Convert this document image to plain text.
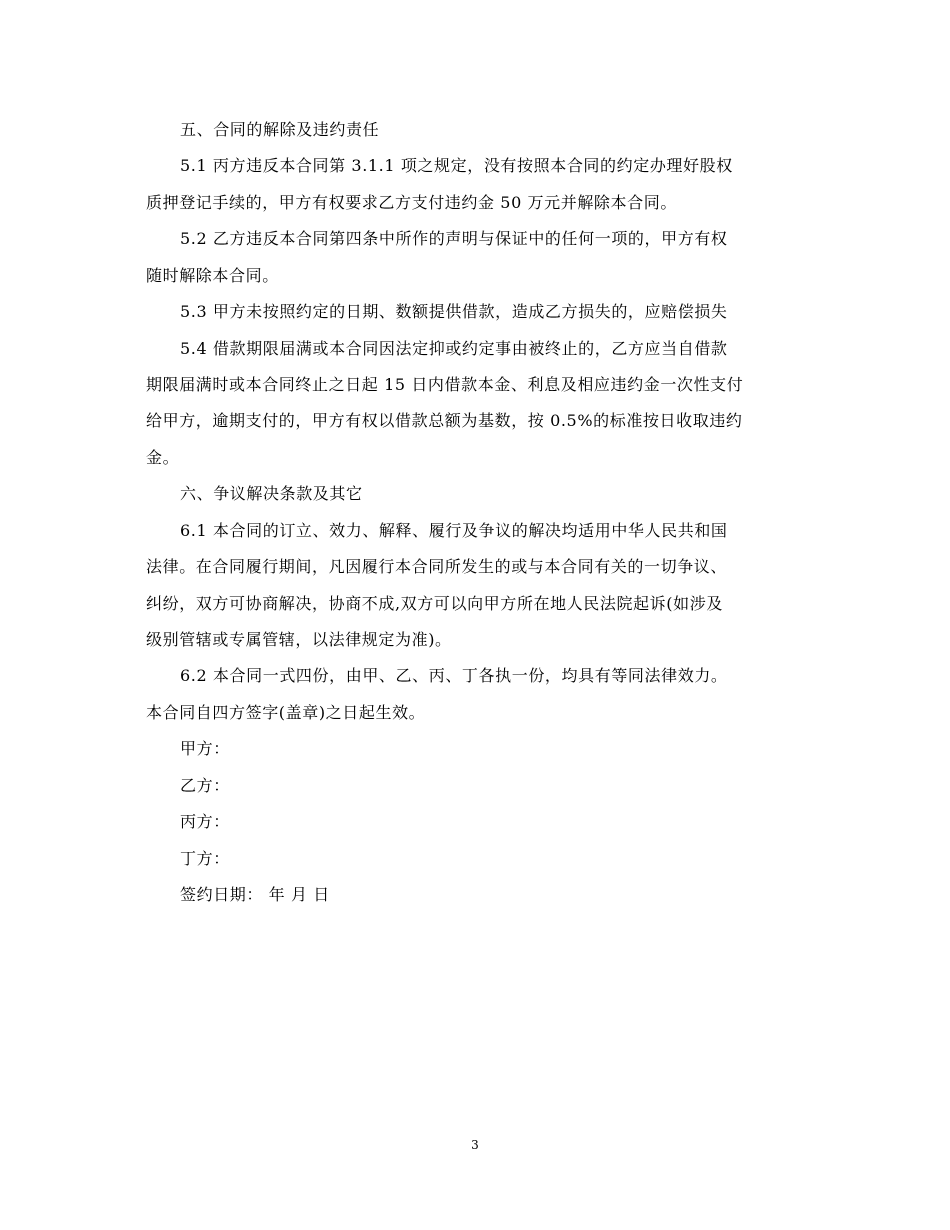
五、合同的解除及违约责任
5.1 丙方违反本合同第 3.1.1 项之规定，没有按照本合同的约定办理好股权
质押登记手续的，甲方有权要求乙方支付违约金 50 万元并解除本合同。
5.2 乙方违反本合同第四条中所作的声明与保证中的任何一项的，甲方有权
随时解除本合同。
5.3 甲方未按照约定的日期、数额提供借款，造成乙方损失的，应赔偿损失
5.4 借款期限届满或本合同因法定抑或约定事由被终止的，乙方应当自借款
期限届满时或本合同终止之日起 15 日内借款本金、利息及相应违约金一次性支付
给甲方，逾期支付的，甲方有权以借款总额为基数，按 0.5%的标准按日收取违约
金。
六、争议解决条款及其它
6.1 本合同的订立、效力、解释、履行及争议的解决均适用中华人民共和国
法律。在合同履行期间，凡因履行本合同所发生的或与本合同有关的一切争议、
纠纷，双方可协商解决，协商不成,双方可以向甲方所在地人民法院起诉(如涉及
级别管辖或专属管辖，以法律规定为准)。
6.2 本合同一式四份，由甲、乙、丙、丁各执一份，均具有等同法律效力。
本合同自四方签字(盖章)之日起生效。
甲方：
乙方：
丙方：
丁方：
签约日期： 年 月 日
3
